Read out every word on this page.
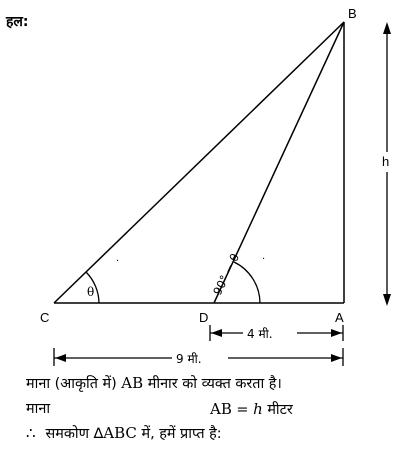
हल:
·	·
B
C	D	A
θ	90° − θ
h
4 मी.
9 मी.
माना (आकृति में) AB मीनार को व्यक्त करता है।
माना	AB = h मीटर
∴ समकोण ∆ABC में, हमें प्राप्त है:
